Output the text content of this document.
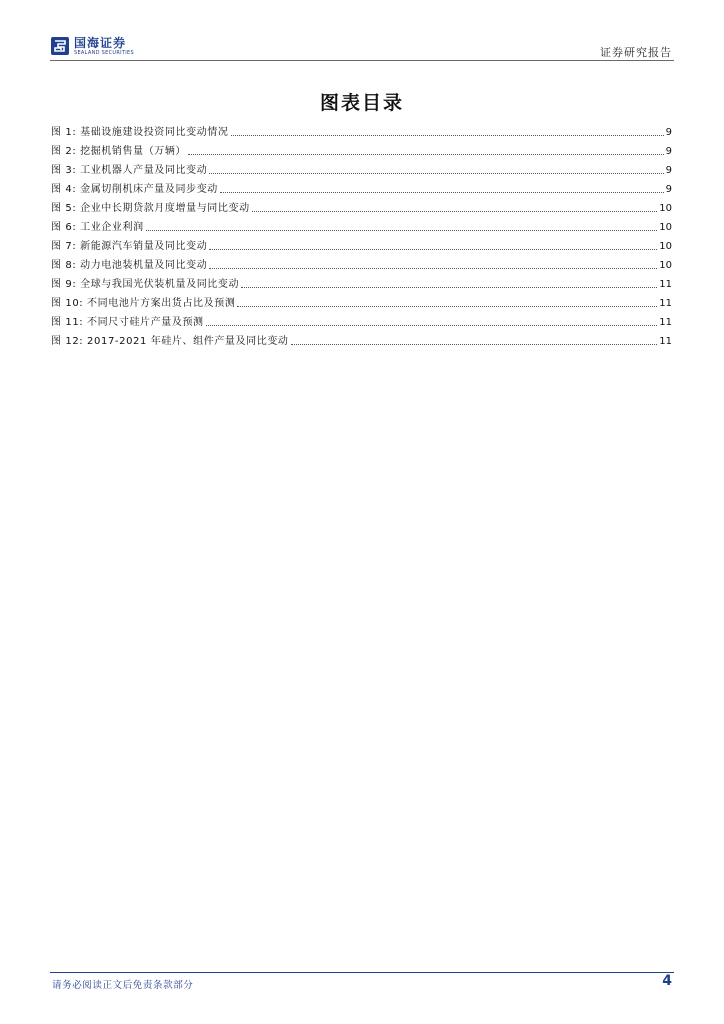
国海证券
SEALAND SECURITIES	证券研究报告
图表目录
图 1: 基础设施建设投资同比变动情况	9
图 2: 挖掘机销售量（万辆）	9
图 3: 工业机器人产量及同比变动	9
图 4: 金属切削机床产量及同步变动	9
图 5: 企业中长期贷款月度增量与同比变动	10
图 6: 工业企业利润	10
图 7: 新能源汽车销量及同比变动	10
图 8: 动力电池装机量及同比变动	10
图 9: 全球与我国光伏装机量及同比变动	11
图 10: 不同电池片方案出货占比及预测	11
图 11: 不同尺寸硅片产量及预测	11
图 12: 2017-2021 年硅片、组件产量及同比变动	11
请务必阅读正文后免责条款部分	4
